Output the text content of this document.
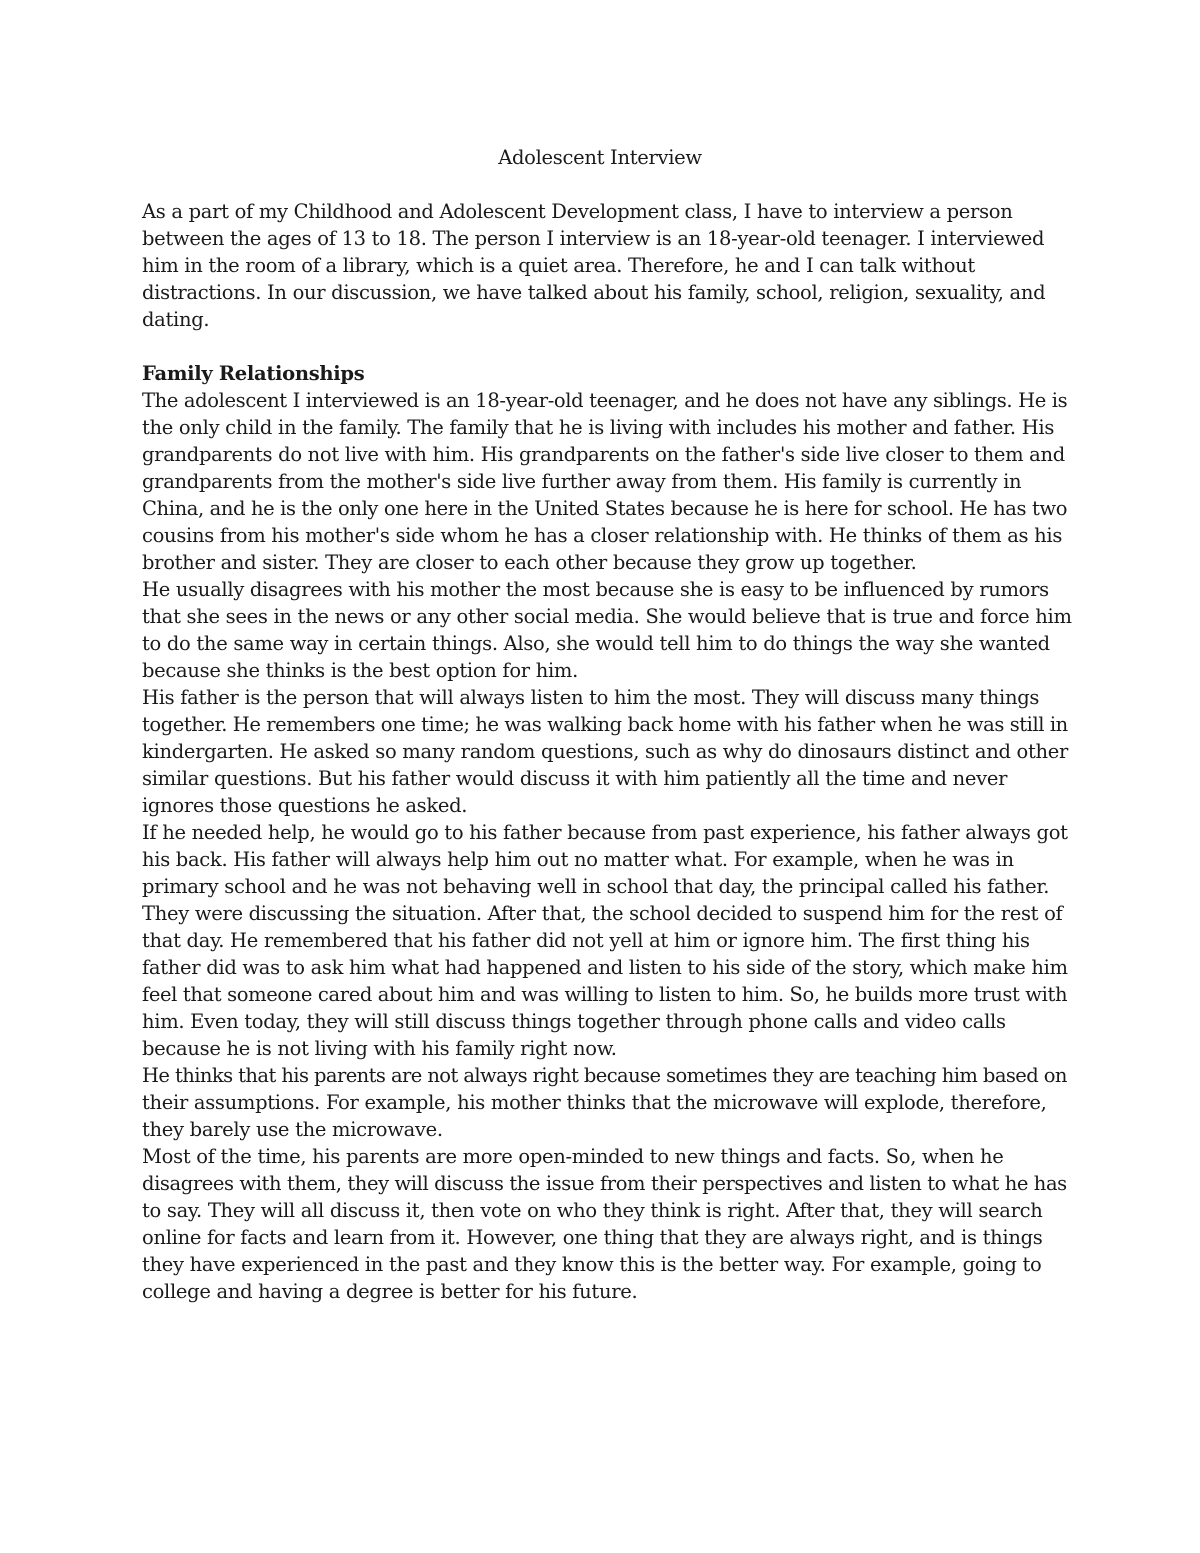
Adolescent Interview
As a part of my Childhood and Adolescent Development class, I have to interview a person
between the ages of 13 to 18. The person I interview is an 18-year-old teenager. I interviewed
him in the room of a library, which is a quiet area. Therefore, he and I can talk without
distractions. In our discussion, we have talked about his family, school, religion, sexuality, and
dating.
Family Relationships
The adolescent I interviewed is an 18-year-old teenager, and he does not have any siblings. He is
the only child in the family. The family that he is living with includes his mother and father. His
grandparents do not live with him. His grandparents on the father's side live closer to them and
grandparents from the mother's side live further away from them. His family is currently in
China, and he is the only one here in the United States because he is here for school. He has two
cousins from his mother's side whom he has a closer relationship with. He thinks of them as his
brother and sister. They are closer to each other because they grow up together.
He usually disagrees with his mother the most because she is easy to be influenced by rumors
that she sees in the news or any other social media. She would believe that is true and force him
to do the same way in certain things. Also, she would tell him to do things the way she wanted
because she thinks is the best option for him.
His father is the person that will always listen to him the most. They will discuss many things
together. He remembers one time; he was walking back home with his father when he was still in
kindergarten. He asked so many random questions, such as why do dinosaurs distinct and other
similar questions. But his father would discuss it with him patiently all the time and never
ignores those questions he asked.
If he needed help, he would go to his father because from past experience, his father always got
his back. His father will always help him out no matter what. For example, when he was in
primary school and he was not behaving well in school that day, the principal called his father.
They were discussing the situation. After that, the school decided to suspend him for the rest of
that day. He remembered that his father did not yell at him or ignore him. The first thing his
father did was to ask him what had happened and listen to his side of the story, which make him
feel that someone cared about him and was willing to listen to him. So, he builds more trust with
him. Even today, they will still discuss things together through phone calls and video calls
because he is not living with his family right now.
He thinks that his parents are not always right because sometimes they are teaching him based on
their assumptions. For example, his mother thinks that the microwave will explode, therefore,
they barely use the microwave.
Most of the time, his parents are more open-minded to new things and facts. So, when he
disagrees with them, they will discuss the issue from their perspectives and listen to what he has
to say. They will all discuss it, then vote on who they think is right. After that, they will search
online for facts and learn from it. However, one thing that they are always right, and is things
they have experienced in the past and they know this is the better way. For example, going to
college and having a degree is better for his future.
